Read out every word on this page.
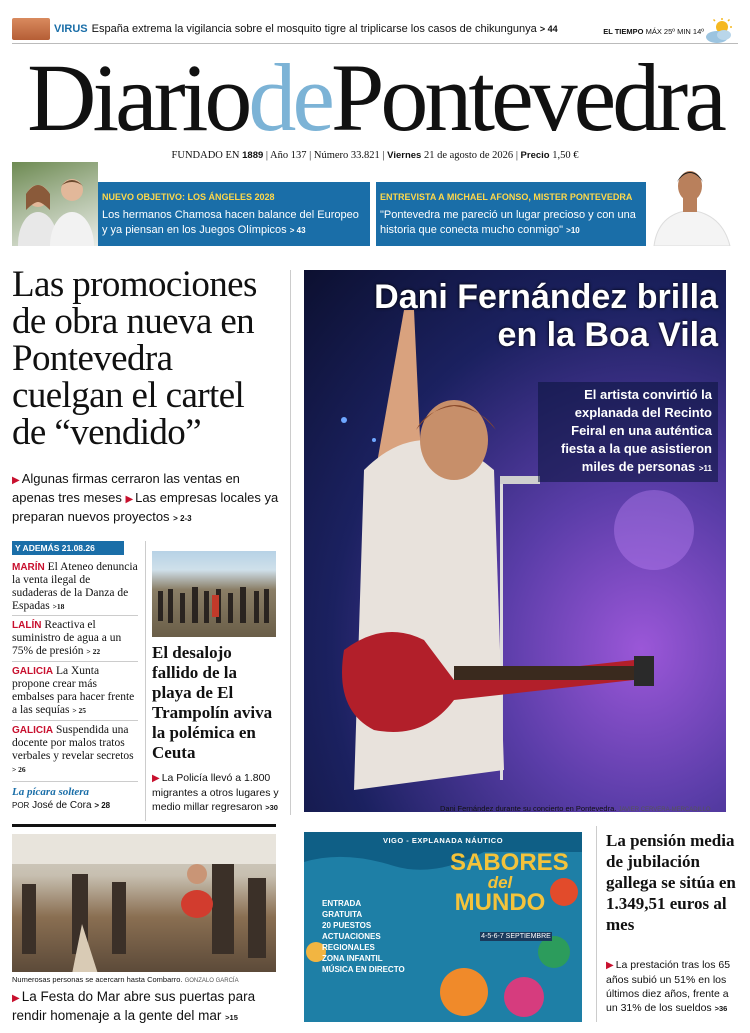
VIRUS España extrema la vigilancia sobre el mosquito tigre al triplicarse los casos de chikungunya > 44	EL TIEMPO MÁX 25º MIN 14º
DiariodePontevedra
FUNDADO EN 1889 | Año 137 | Número 33.821 | Viernes 21 de agosto de 2026 | Precio 1,50 €
NUEVO OBJETIVO: LOS ÁNGELES 2028
Los hermanos Chamosa hacen balance del Europeo y ya piensan en los Juegos Olímpicos > 43
ENTREVISTA A MICHAEL AFONSO, MISTER PONTEVEDRA
"Pontevedra me pareció un lugar precioso y con una historia que conecta mucho conmigo" >10
Las promociones de obra nueva en Pontevedra cuelgan el cartel de “vendido”
▶ Algunas firmas cerraron las ventas en apenas tres meses ▶ Las empresas locales ya preparan nuevos proyectos > 2-3
Dani Fernández brilla
en la Boa Vila
El artista convirtió la explanada del Recinto Feiral en una auténtica fiesta a la que asistieron miles de personas >11
Dani Fernández durante su concierto en Pontevedra. JAVIER CERVERA-MERCADILLO
Y ADEMÁS 21.08.26
MARÍN El Ateneo denuncia la venta ilegal de sudaderas de la Danza de Espadas >18
LALÍN Reactiva el suministro de agua a un 75% de presión > 22
GALICIA La Xunta propone crear más embalses para hacer frente a las sequías > 25
GALICIA Suspendida una docente por malos tratos verbales y revelar secretos > 26
La pícara soltera
POR José de Cora > 28
El desalojo fallido de la playa de El Trampolín aviva la polémica en Ceuta
▶ La Policía llevó a 1.800 migrantes a otros lugares y medio millar regresaron >30
Numerosas personas se acercarn hasta Combarro. GONZALO GARCÍA
▶ La Festa do Mar abre sus puertas para rendir homenaje a la gente del mar >15
VIGO - EXPLANADA NÁUTICO
SABORES
del
MUNDO
4-5-6-7 SEPTIEMBRE
ENTRADA
GRATUITA
20 PUESTOS
ACTUACIONES
REGIONALES
ZONA INFANTIL
MÚSICA EN DIRECTO
La pensión media de jubilación gallega se sitúa en 1.349,51 euros al mes
▶ La prestación tras los 65 años subió un 51% en los últimos diez años, frente a un 31% de los sueldos >36
